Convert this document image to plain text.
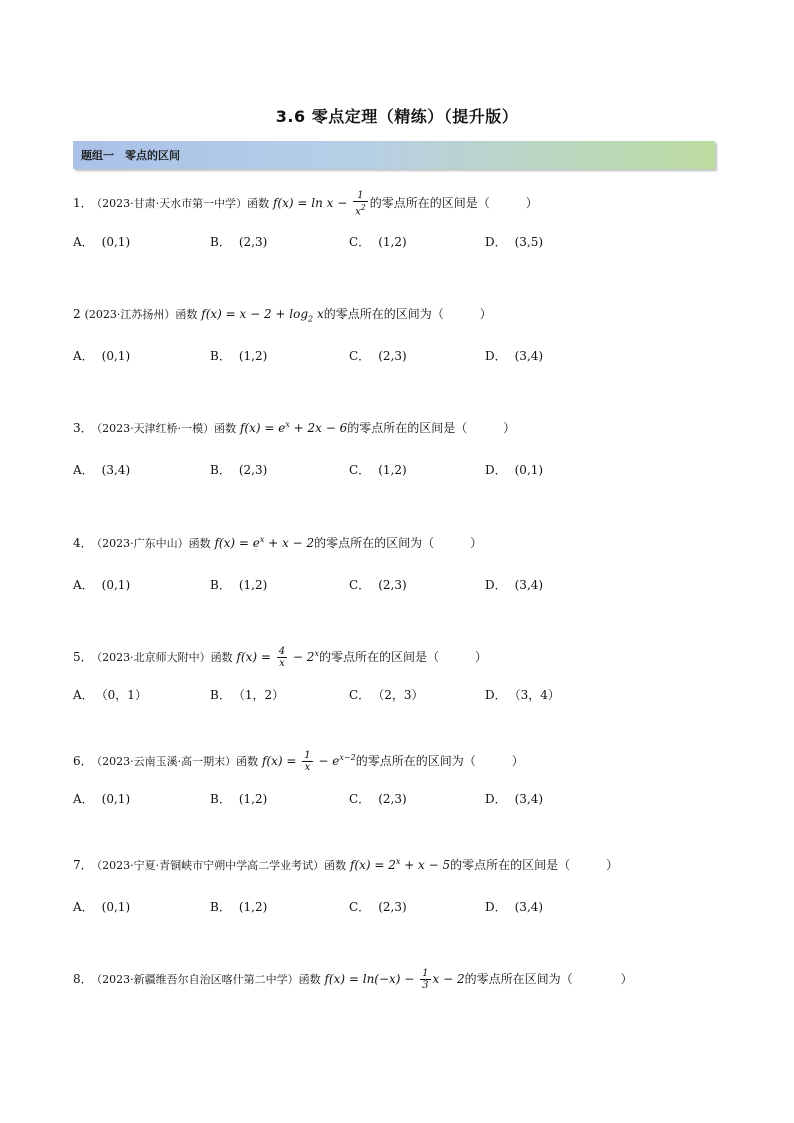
3.6 零点定理（精练）（提升版）
题组一　零点的区间
1． （2023·甘肃·天水市第一中学）函数 $f(x) = \ln x - \frac{1}{x^2}$ 的零点所在的区间是（　　　）
A． (0,1)	B． (2,3)	C． (1,2)	D． (3,5)
2 (2023·江苏扬州）函数 $f(x) = x - 2 + \log_2 x$的零点所在的区间为（　　　）
A． (0,1)	B． (1,2)	C． (2,3)	D． (3,4)
3． （2023·天津红桥·一模）函数 $f(x) = e^x + 2x - 6$的零点所在的区间是（　　　）
A． (3,4)	B． (2,3)	C． (1,2)	D． (0,1)
4． （2023·广东中山）函数 $f(x) = e^x + x - 2$的零点所在的区间为（　　　）
A． (0,1)	B． (1,2)	C． (2,3)	D． (3,4)
5． （2023·北京师大附中）函数 $f(x) = \frac{4}{x} - 2^x$的零点所在的区间是（　　　）
A． （0，1）	B． （1，2）	C． （2，3）	D． （3，4）
6． （2023·云南玉溪·高一期末）函数 $f(x) = \frac{1}{x} - e^{x-2}$的零点所在的区间为（　　　）
A． (0,1)	B． (1,2)	C． (2,3)	D． (3,4)
7． （2023·宁夏·青铜峡市宁朔中学高二学业考试）函数 $f(x) = 2^x + x - 5$的零点所在的区间是（　　　）
A． (0,1)	B． (1,2)	C． (2,3)	D． (3,4)
8． （2023·新疆维吾尔自治区喀什第二中学）函数 $f(x) = \ln(-x) - \frac{1}{3}$ x − 2的零点所在区间为（　　　　）
